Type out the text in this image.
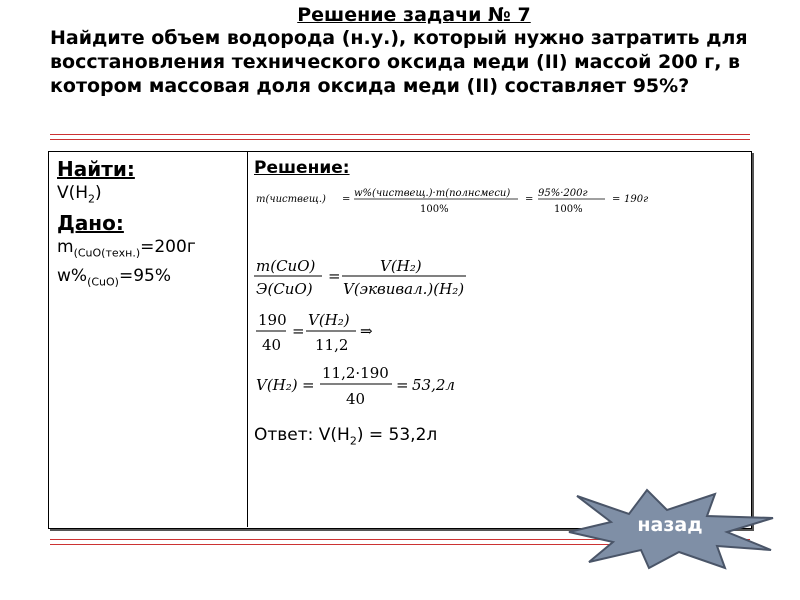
Решение задачи № 7
Найдите объем водорода (н.у.), который нужно затратить для восстановления технического оксида меди (II) массой 200 г, в котором массовая доля оксида меди (II) составляет 95%?
Найти:
$V(H_2)$
Дано:
$m_{(CuO(техн.)}=200г$
$w\%_{(CuO)}=95\%$
Решение:
m(чиствещ.) =
w%(чиствещ.)·m(полнсмеси)
100%
=
95%·200г
100%
= 190г
m(CuO)
Э(CuO)
=
V(H₂)
V(эквивал.)(H₂)
190
40
=
V(H₂)
11,2
⇒
V(H₂) =
11,2·190
40
= 53,2л
Ответ: $V(H_2) = 53,2л$
назад
